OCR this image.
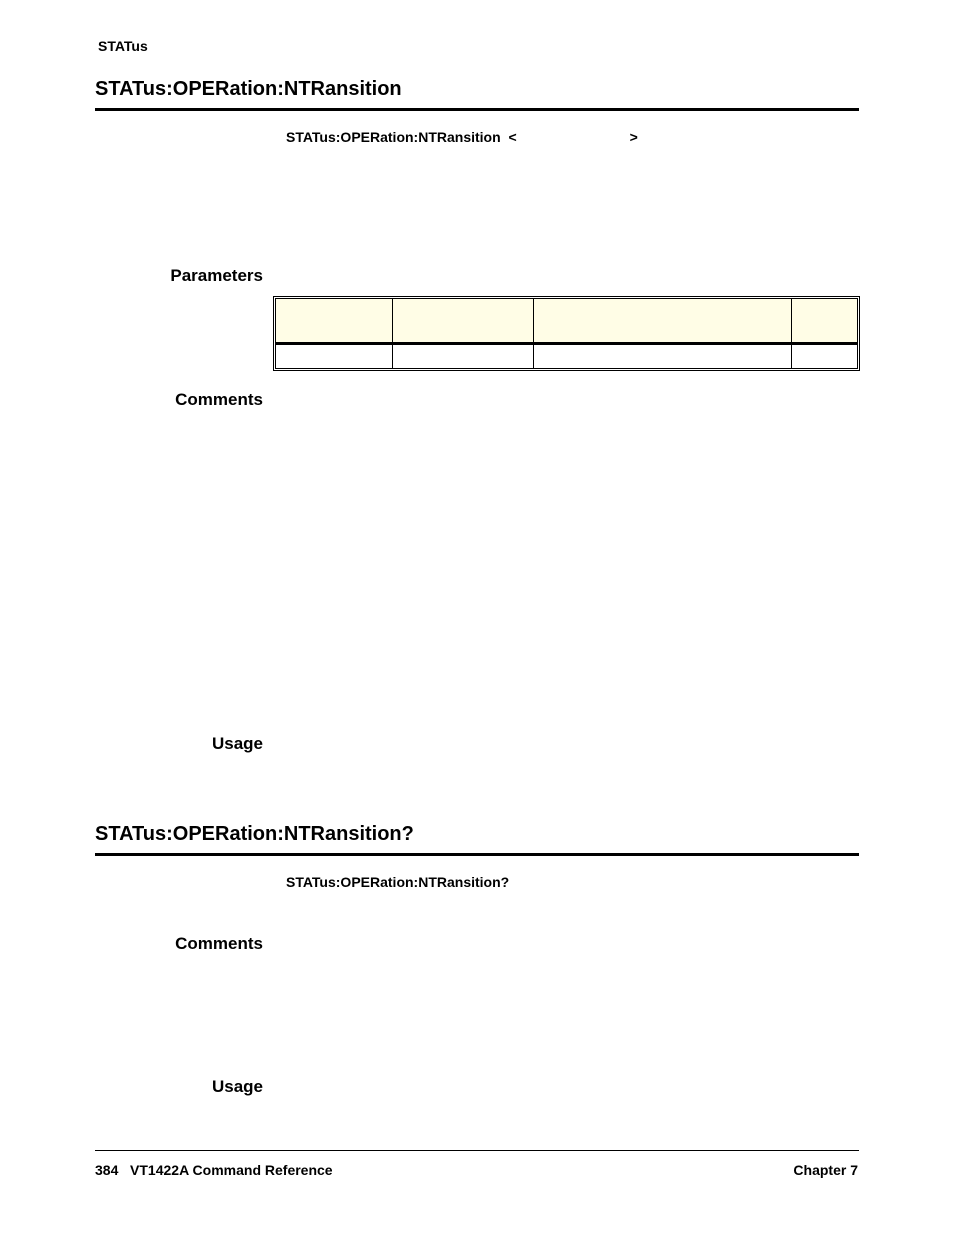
STATus
STATus:OPERation:NTRansition
STATus:OPERation:NTRansition <	>
Parameters

Comments
Usage
STATus:OPERation:NTRansition?
STATus:OPERation:NTRansition?
Comments
Usage
384 VT1422A Command Reference	Chapter 7
